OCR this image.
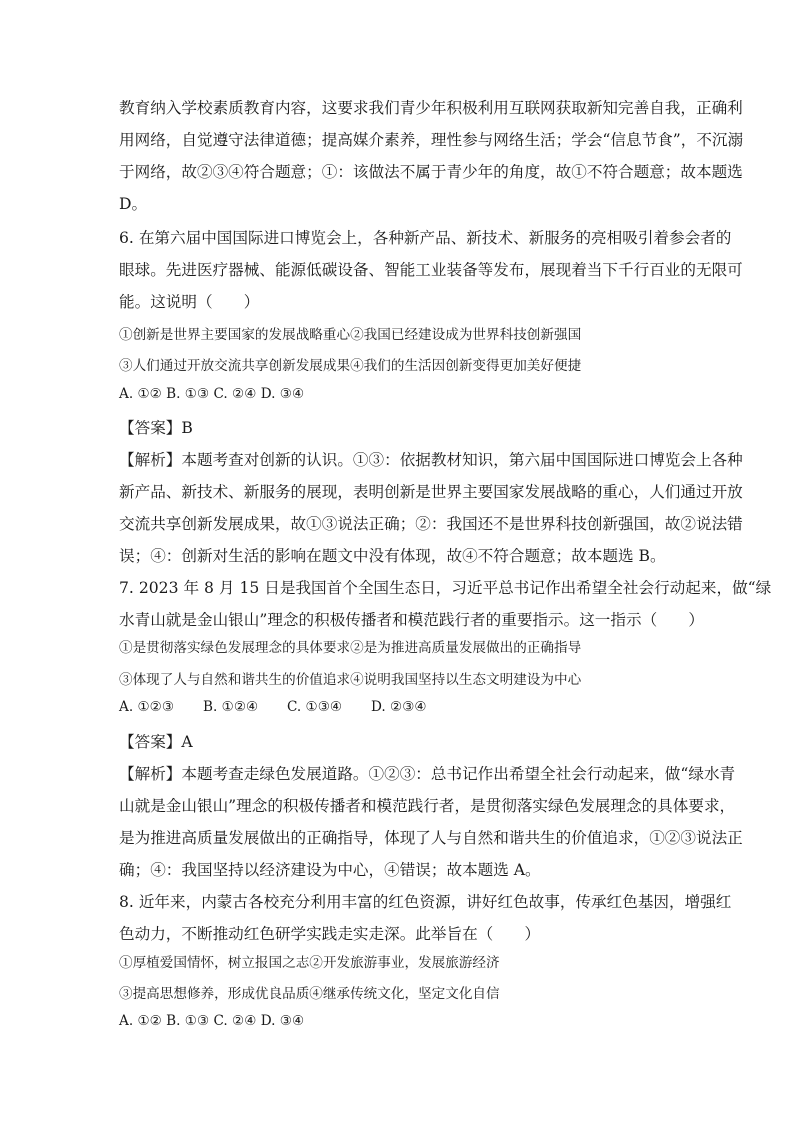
教育纳入学校素质教育内容，这要求我们青少年积极利用互联网获取新知完善自我，正确利
用网络，自觉遵守法律道德；提高媒介素养，理性参与网络生活；学会“信息节食”，不沉溺
于网络，故②③④符合题意；①：该做法不属于青少年的角度，故①不符合题意；故本题选
D。
6. 在第六届中国国际进口博览会上，各种新产品、新技术、新服务的亮相吸引着参会者的
眼球。先进医疗器械、能源低碳设备、智能工业装备等发布，展现着当下千行百业的无限可
能。这说明（　　）
①创新是世界主要国家的发展战略重心②我国已经建设成为世界科技创新强国
③人们通过开放交流共享创新发展成果④我们的生活因创新变得更加美好便捷
A. ①② B. ①③ C. ②④ D. ③④
【答案】B
【解析】本题考查对创新的认识。①③：依据教材知识，第六届中国国际进口博览会上各种
新产品、新技术、新服务的展现，表明创新是世界主要国家发展战略的重心，人们通过开放
交流共享创新发展成果，故①③说法正确；②：我国还不是世界科技创新强国，故②说法错
误；④：创新对生活的影响在题文中没有体现，故④不符合题意；故本题选 B。
7. 2023 年 8 月 15 日是我国首个全国生态日，习近平总书记作出希望全社会行动起来，做“绿
水青山就是金山银山”理念的积极传播者和模范践行者的重要指示。这一指示（　　）
①是贯彻落实绿色发展理念的具体要求②是为推进高质量发展做出的正确指导
③体现了人与自然和谐共生的价值追求④说明我国坚持以生态文明建设为中心
A. ①②③ B. ①②④ C. ①③④ D. ②③④
【答案】A
【解析】本题考查走绿色发展道路。①②③：总书记作出希望全社会行动起来，做“绿水青
山就是金山银山”理念的积极传播者和模范践行者，是贯彻落实绿色发展理念的具体要求，
是为推进高质量发展做出的正确指导，体现了人与自然和谐共生的价值追求，①②③说法正
确；④：我国坚持以经济建设为中心，④错误；故本题选 A。
8. 近年来，内蒙古各校充分利用丰富的红色资源，讲好红色故事，传承红色基因，增强红
色动力，不断推动红色研学实践走实走深。此举旨在（　　）
①厚植爱国情怀，树立报国之志②开发旅游事业，发展旅游经济
③提高思想修养，形成优良品质④继承传统文化，坚定文化自信
A. ①② B. ①③ C. ②④ D. ③④
